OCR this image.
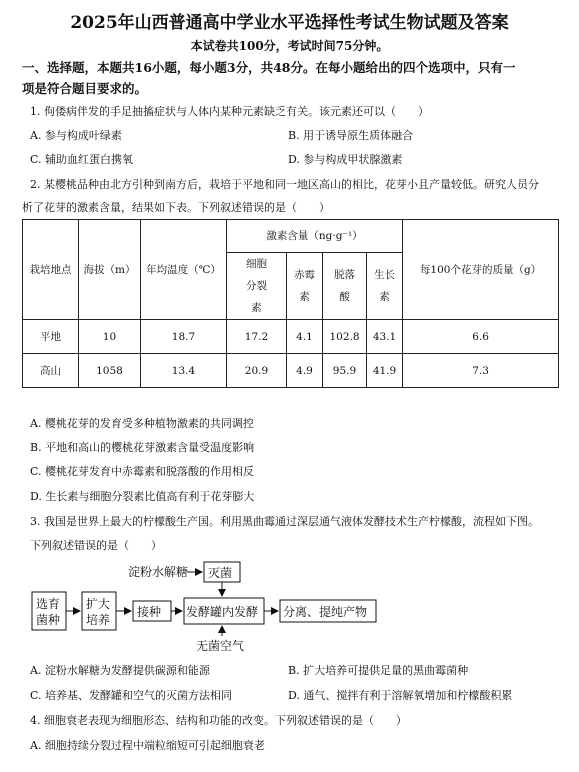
2025年山西普通高中学业水平选择性考试生物试题及答案
本试卷共100分，考试时间75分钟。
一、选择题，本题共16小题，每小题3分，共48分。在每小题给出的四个选项中，只有一
项是符合题目要求的。
1. 佝偻病伴发的手足抽搐症状与人体内某种元素缺乏有关。该元素还可以（　　）
A. 参与构成叶绿素	B. 用于诱导原生质体融合
C. 辅助血红蛋白携氧	D. 参与构成甲状腺激素
2. 某樱桃品种由北方引种到南方后，栽培于平地和同一地区高山的相比，花芽小且产量较低。研究人员分
析了花芽的激素含量，结果如下表。下列叙述错误的是（　　）
栽培地点	海拔（m）	年均温度（℃）	激素含量（ng·g⁻¹）				每100个花芽的质量（g）
			细胞分裂素	赤霉素	脱落酸	生长素	
平地	10	18.7	17.2	4.1	102.8	43.1	6.6
高山	1058	13.4	20.9	4.9	95.9	41.9	7.3
A. 樱桃花芽的发育受多种植物激素的共同调控
B. 平地和高山的樱桃花芽激素含量受温度影响
C. 樱桃花芽发育中赤霉素和脱落酸的作用相反
D. 生长素与细胞分裂素比值高有利于花芽膨大
3. 我国是世界上最大的柠檬酸生产国。利用黑曲霉通过深层通气液体发酵技术生产柠檬酸，流程如下图。
下列叙述错误的是（　　）
淀粉水解糖 灭菌
选育
菌种
扩大
培养
接种 发酵罐内发酵 分离、提纯产物
无菌空气
A. 淀粉水解糖为发酵提供碳源和能源	B. 扩大培养可提供足量的黑曲霉菌种
C. 培养基、发酵罐和空气的灭菌方法相同	D. 通气、搅拌有利于溶解氧增加和柠檬酸积累
4. 细胞衰老表现为细胞形态、结构和功能的改变。下列叙述错误的是（　　）
A. 细胞持续分裂过程中端粒缩短可引起细胞衰老
